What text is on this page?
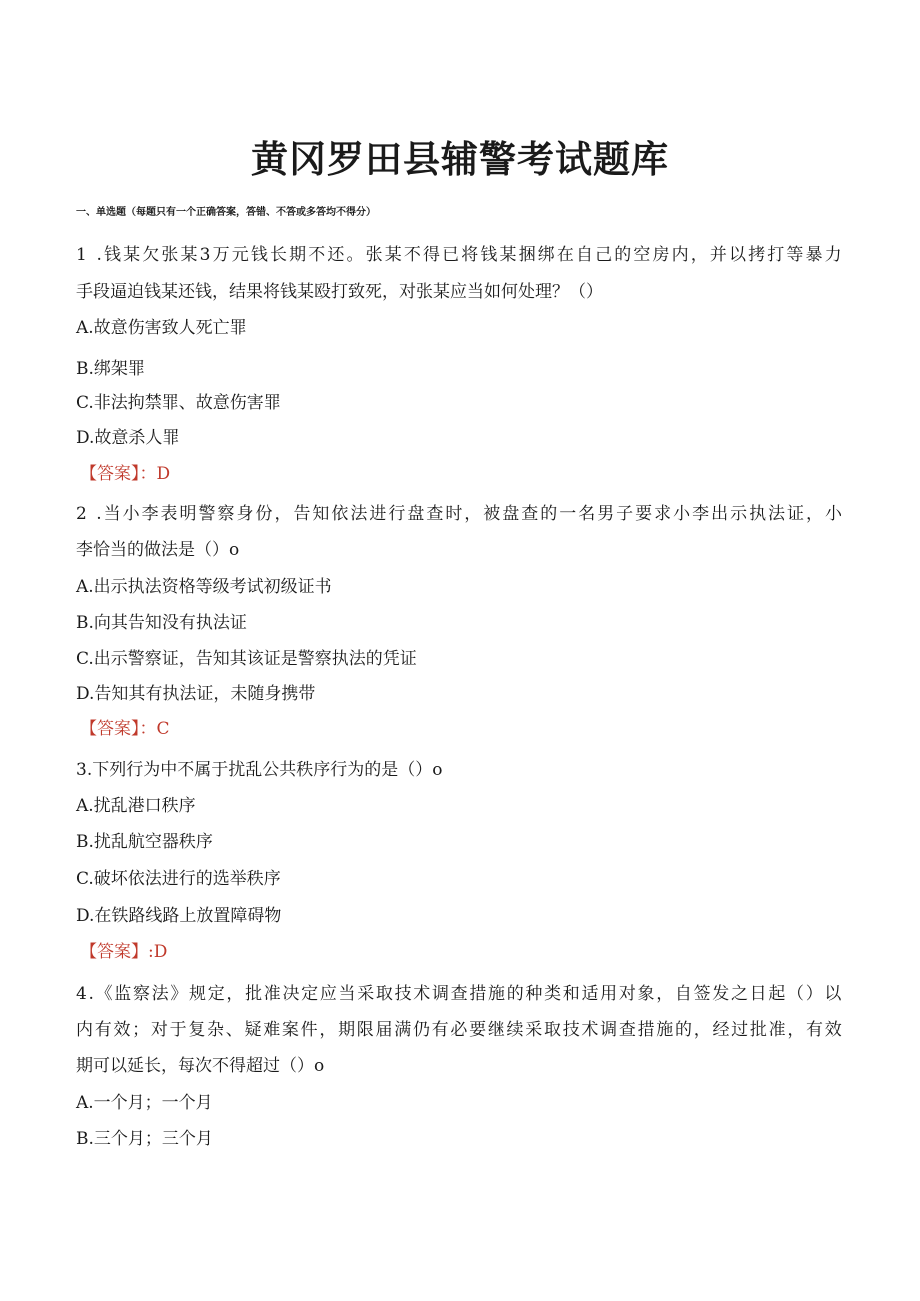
黄冈罗田县辅警考试题库
一、单选题（每题只有一个正确答案，答错、不答或多答均不得分）
1
. 钱 某 欠 张 某 3 万 元 钱 长 期 不 还 。 张 某 不 得 已 将 钱 某 捆 绑 在 自 己 的 空 房 内 ， 并 以 拷 打 等 暴 力
手段逼迫钱某还钱，结果将钱某殴打致死，对张某应当如何处理？（）
A.故意伤害致人死亡罪
B.绑架罪
C.非法拘禁罪、故意伤害罪
D.故意杀人罪
【答案】：D
2
. 当 小 李 表 明 警 察 身 份 ， 告 知 依 法 进 行 盘 查 时 ， 被 盘 查 的 一 名 男 子 要 求 小 李 出 示 执 法 证 ， 小
李恰当的做法是（）o
A.出示执法资格等级考试初级证书
B.向其告知没有执法证
C.出示警察证，告知其该证是警察执法的凭证
D.告知其有执法证，未随身携带
【答案】：C
3.下列行为中不属于扰乱公共秩序行为的是（）o
A.扰乱港口秩序
B.扰乱航空器秩序
C.破坏依法进行的选举秩序
D.在铁路线路上放置障碍物
【答案】:D
4 . 《 监 察 法 》 规 定 ， 批 准 决 定 应 当 采 取 技 术 调 查 措 施 的 种 类 和 适 用 对 象 ， 自 签 发 之 日 起 （ ） 以
内 有 效 ； 对 于 复 杂 、 疑 难 案 件 ， 期 限 届 满 仍 有 必 要 继 续 采 取 技 术 调 查 措 施 的 ， 经 过 批 准 ， 有 效
期可以延长，每次不得超过（）o
A.一个月；一个月
B.三个月；三个月
